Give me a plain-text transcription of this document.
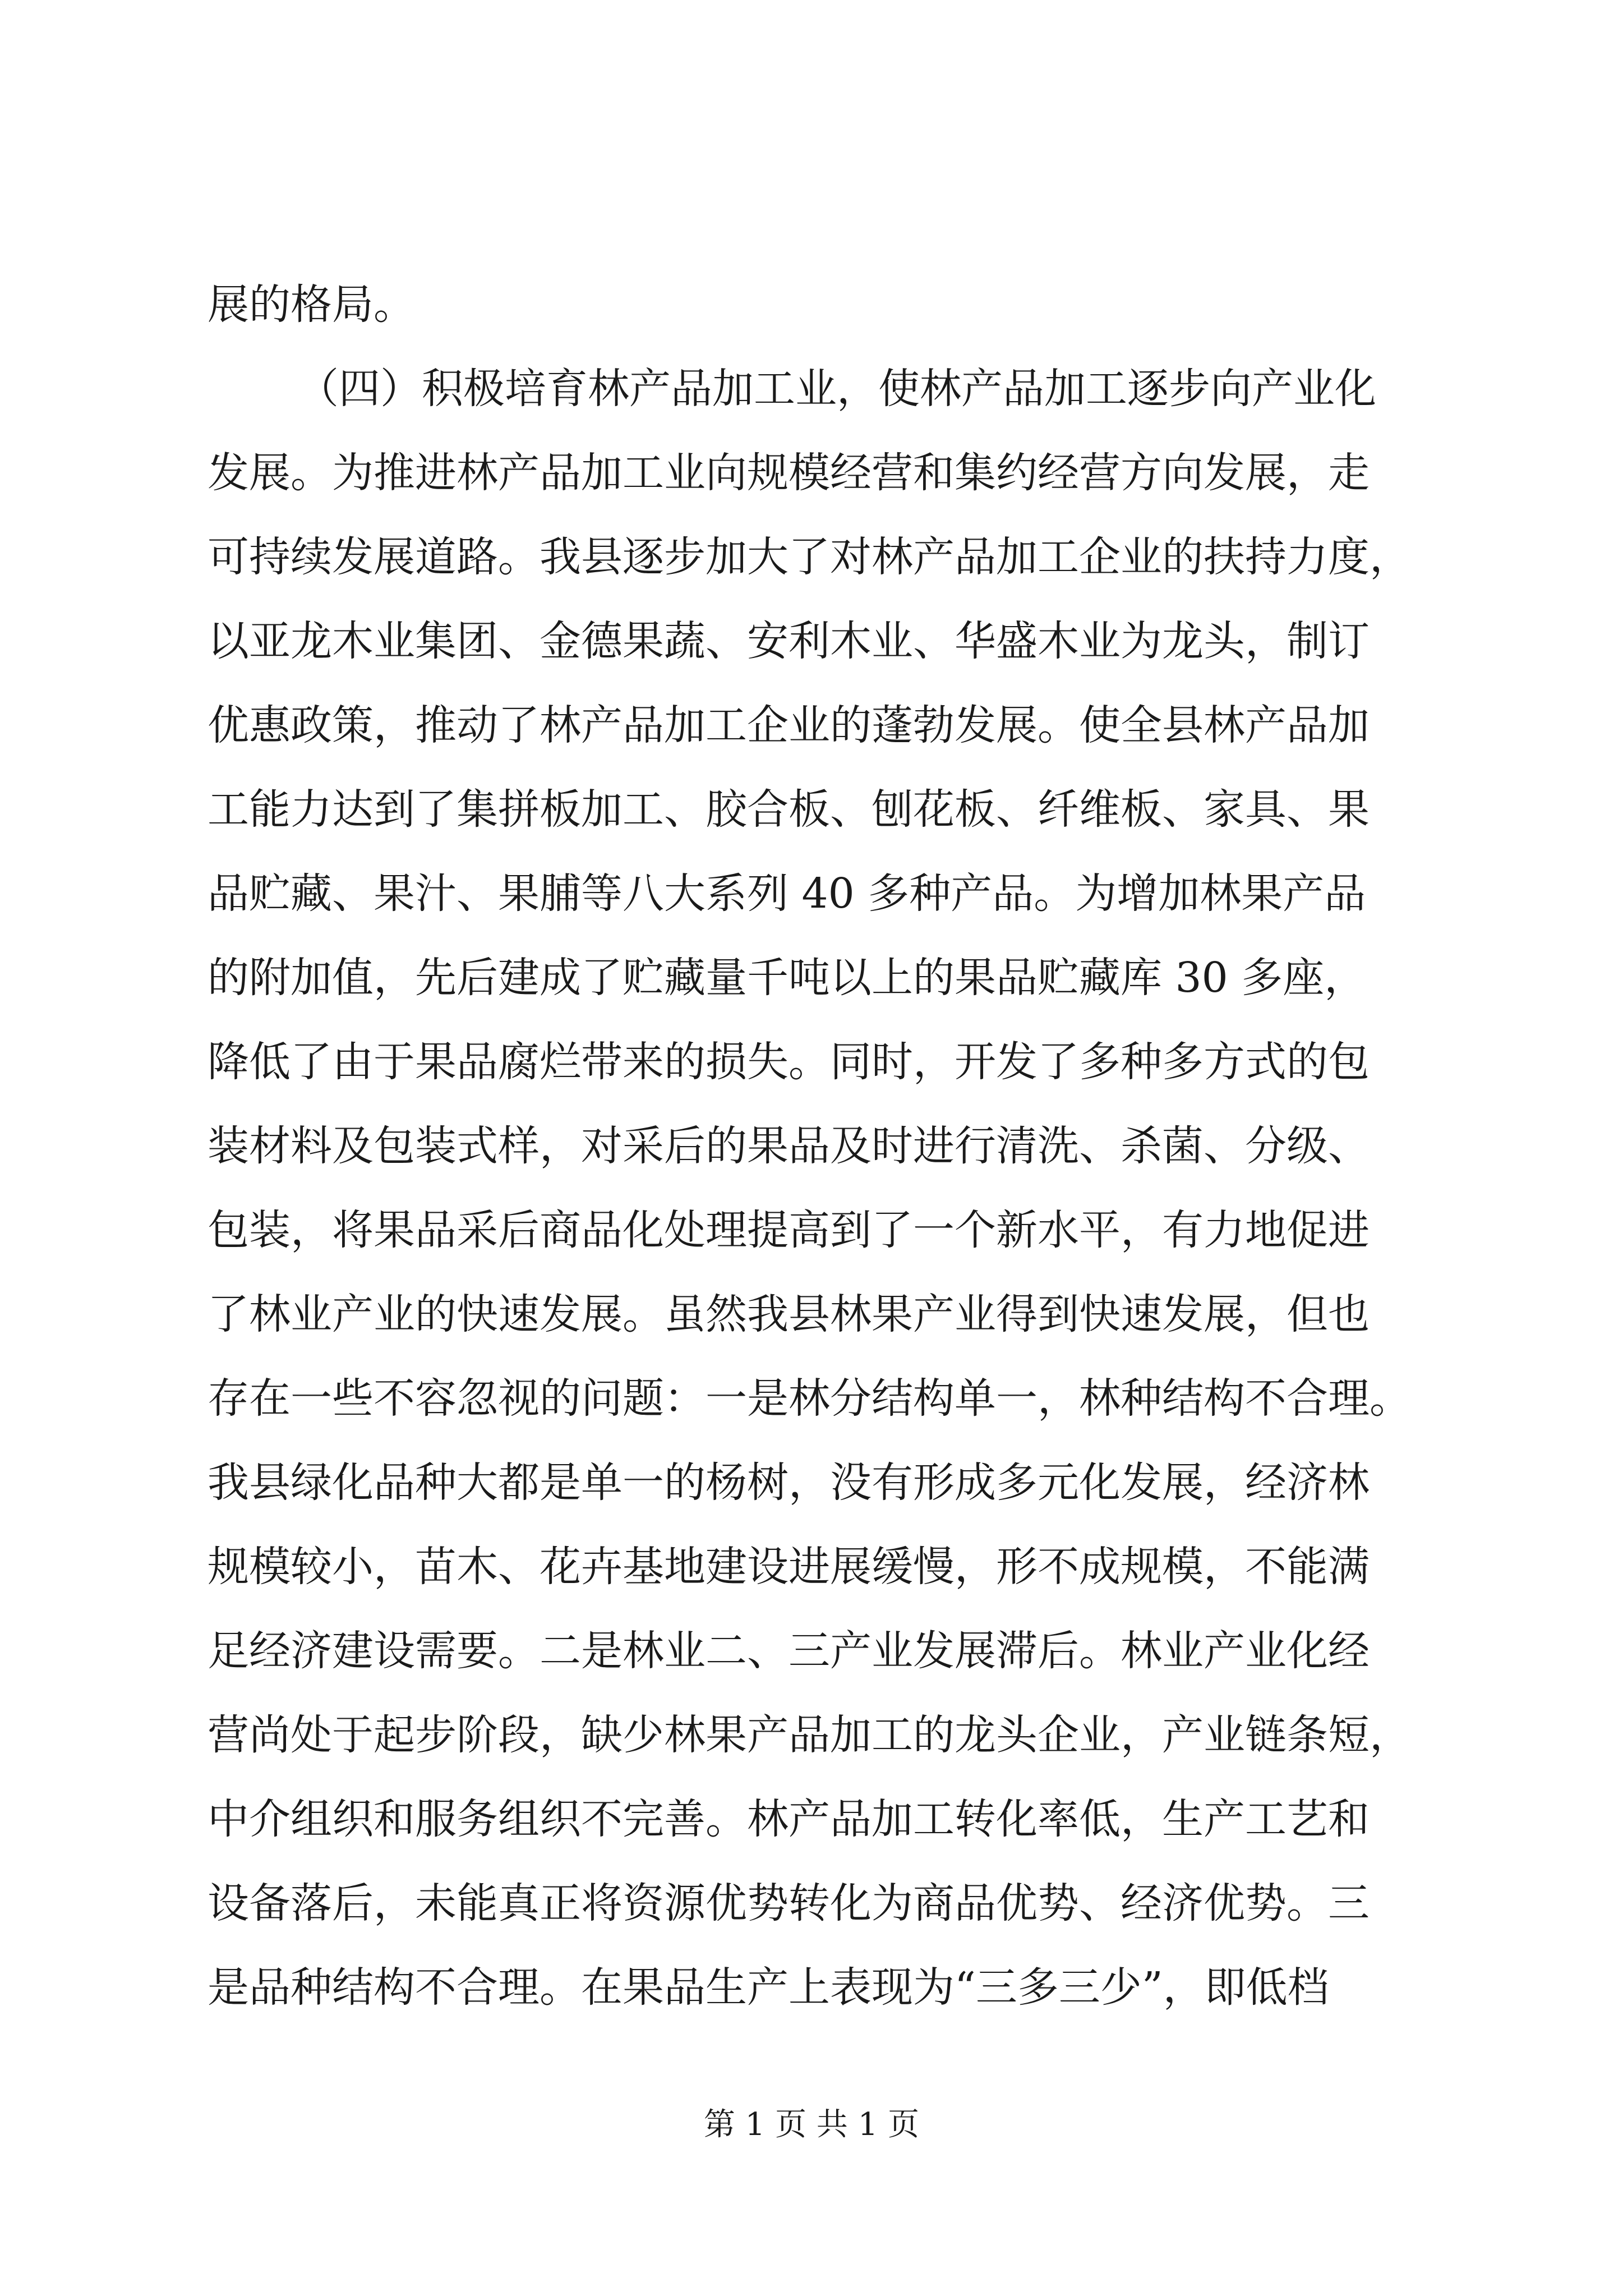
展的格局。
（四）积极培育林产品加工业，使林产品加工逐步向产业化
发展。为推进林产品加工业向规模经营和集约经营方向发展，走
可持续发展道路。我县逐步加大了对林产品加工企业的扶持力度，
以亚龙木业集团、金德果蔬、安利木业、华盛木业为龙头，制订
优惠政策，推动了林产品加工企业的蓬勃发展。使全县林产品加
工能力达到了集拼板加工、胶合板、刨花板、纤维板、家具、果
品贮藏、果汁、果脯等八大系列 40 多种产品。为增加林果产品
的附加值，先后建成了贮藏量千吨以上的果品贮藏库 30 多座，
降低了由于果品腐烂带来的损失。同时，开发了多种多方式的包
装材料及包装式样，对采后的果品及时进行清洗、杀菌、分级、
包装，将果品采后商品化处理提高到了一个新水平，有力地促进
了林业产业的快速发展。虽然我县林果产业得到快速发展，但也
存在一些不容忽视的问题：一是林分结构单一，林种结构不合理。
我县绿化品种大都是单一的杨树，没有形成多元化发展，经济林
规模较小，苗木、花卉基地建设进展缓慢，形不成规模，不能满
足经济建设需要。二是林业二、三产业发展滞后。林业产业化经
营尚处于起步阶段，缺少林果产品加工的龙头企业，产业链条短，
中介组织和服务组织不完善。林产品加工转化率低，生产工艺和
设备落后，未能真正将资源优势转化为商品优势、经济优势。三
是品种结构不合理。在果品生产上表现为“三多三少”，即低档
第 1 页 共 1 页
